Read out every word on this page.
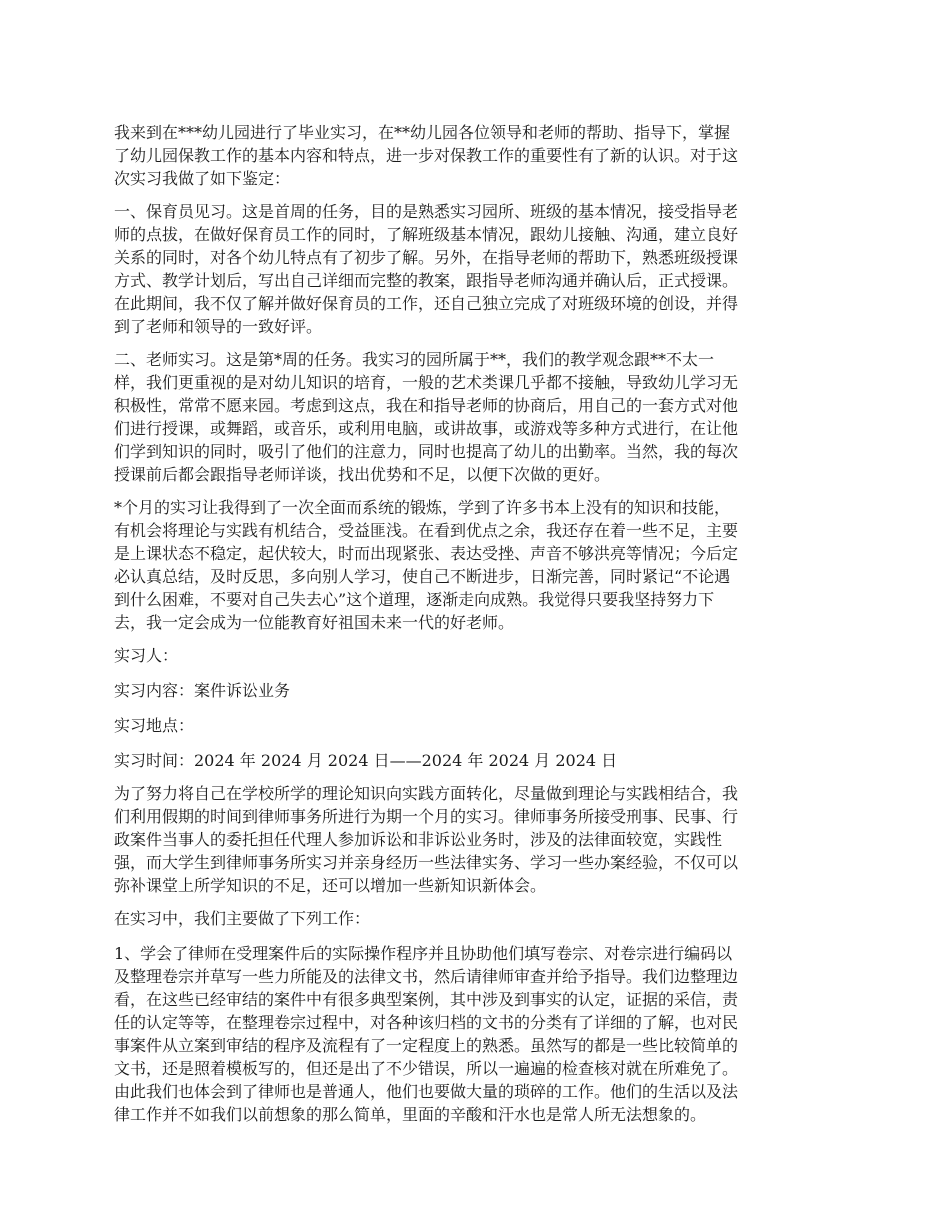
我来到在***幼儿园进行了毕业实习，在**幼儿园各位领导和老师的帮助、指导下，掌握
了幼儿园保教工作的基本内容和特点，进一步对保教工作的重要性有了新的认识。对于这
次实习我做了如下鉴定：

一、保育员见习。这是首周的任务，目的是熟悉实习园所、班级的基本情况，接受指导老
师的点拔，在做好保育员工作的同时，了解班级基本情况，跟幼儿接触、沟通，建立良好
关系的同时，对各个幼儿特点有了初步了解。另外，在指导老师的帮助下，熟悉班级授课
方式、教学计划后，写出自己详细而完整的教案，跟指导老师沟通并确认后，正式授课。
在此期间，我不仅了解并做好保育员的工作，还自己独立完成了对班级环境的创设，并得
到了老师和领导的一致好评。

二、老师实习。这是第*周的任务。我实习的园所属于**，我们的教学观念跟**不太一
样，我们更重视的是对幼儿知识的培育，一般的艺术类课几乎都不接触，导致幼儿学习无
积极性，常常不愿来园。考虑到这点，我在和指导老师的协商后，用自己的一套方式对他
们进行授课，或舞蹈，或音乐，或利用电脑，或讲故事，或游戏等多种方式进行，在让他
们学到知识的同时，吸引了他们的注意力，同时也提高了幼儿的出勤率。当然，我的每次
授课前后都会跟指导老师详谈，找出优势和不足，以便下次做的更好。

*个月的实习让我得到了一次全面而系统的锻炼，学到了许多书本上没有的知识和技能，
有机会将理论与实践有机结合，受益匪浅。在看到优点之余，我还存在着一些不足，主要
是上课状态不稳定，起伏较大，时而出现紧张、表达受挫、声音不够洪亮等情况；今后定
必认真总结，及时反思，多向别人学习，使自己不断进步，日渐完善，同时紧记“不论遇
到什么困难，不要对自己失去心”这个道理，逐渐走向成熟。我觉得只要我坚持努力下
去，我一定会成为一位能教育好祖国未来一代的好老师。

实习人：

实习内容：案件诉讼业务

实习地点：

实习时间：2024 年 2024 月 2024 日——2024 年 2024 月 2024 日

为了努力将自己在学校所学的理论知识向实践方面转化，尽量做到理论与实践相结合，我
们利用假期的时间到律师事务所进行为期一个月的实习。律师事务所接受刑事、民事、行
政案件当事人的委托担任代理人参加诉讼和非诉讼业务时，涉及的法律面较宽，实践性
强，而大学生到律师事务所实习并亲身经历一些法律实务、学习一些办案经验，不仅可以
弥补课堂上所学知识的不足，还可以增加一些新知识新体会。

在实习中，我们主要做了下列工作：

1、学会了律师在受理案件后的实际操作程序并且协助他们填写卷宗、对卷宗进行编码以
及整理卷宗并草写一些力所能及的法律文书，然后请律师审查并给予指导。我们边整理边
看，在这些已经审结的案件中有很多典型案例，其中涉及到事实的认定，证据的采信，责
任的认定等等，在整理卷宗过程中，对各种该归档的文书的分类有了详细的了解，也对民
事案件从立案到审结的程序及流程有了一定程度上的熟悉。虽然写的都是一些比较简单的
文书，还是照着模板写的，但还是出了不少错误，所以一遍遍的检查核对就在所难免了。
由此我们也体会到了律师也是普通人，他们也要做大量的琐碎的工作。他们的生活以及法
律工作并不如我们以前想象的那么简单，里面的辛酸和汗水也是常人所无法想象的。
